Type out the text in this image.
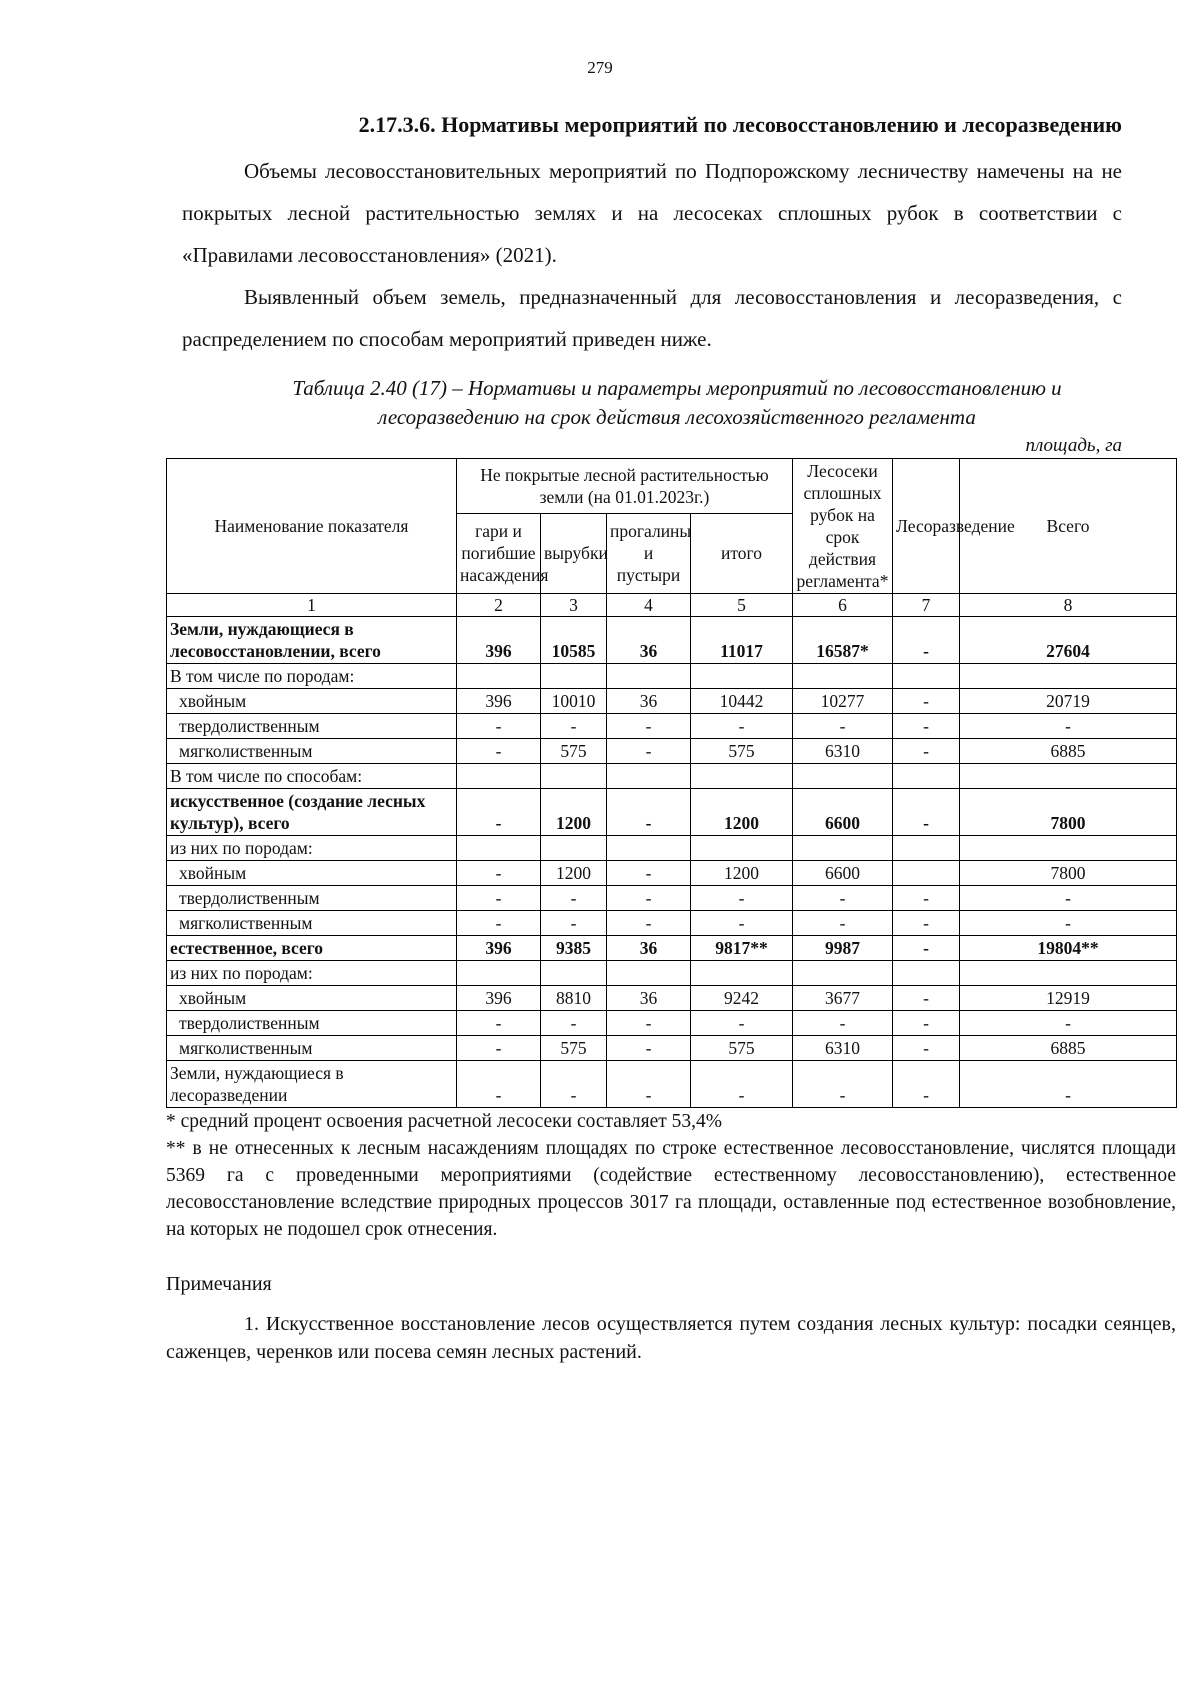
279
2.17.3.6. Нормативы мероприятий по лесовосстановлению и лесоразведению

Объемы лесовосстановительных мероприятий по Подпорожскому лесничеству намечены на не покрытых лесной растительностью землях и на лесосеках сплошных рубок в соответствии с «Правилами лесовосстановления» (2021).

Выявленный объем земель, предназначенный для лесовосстановления и лесоразведения, с распределением по способам мероприятий приведен ниже.

Таблица 2.40 (17) – Нормативы и параметры мероприятий по лесовосстановлению и лесоразведению на срок действия лесохозяйственного регламента
площадь, га
Наименование показателя	Не покрытые лесной растительностью земли (на 01.01.2023г.)				Лесосеки сплошных рубок на срок действия регламента*	Лесоразведение	Всего
	гари и погибшие насаждения	вырубки	прогалины и пустыри	итого			
1	2	3	4	5	6	7	8
Земли, нуждающиеся в лесовосстановлении, всего	396	10585	36	11017	16587*	-	27604
В том числе по породам:							
хвойным	396	10010	36	10442	10277	-	20719
твердолиственным	-	-	-	-	-	-	-
мягколиственным	-	575	-	575	6310	-	6885
В том числе по способам:							
искусственное (создание лесных культур), всего	-	1200	-	1200	6600	-	7800
из них по породам:							
хвойным	-	1200	-	1200	6600		7800
твердолиственным	-	-	-	-	-	-	-
мягколиственным	-	-	-	-	-	-	-
естественное, всего	396	9385	36	9817**	9987	-	19804**
из них по породам:							
хвойным	396	8810	36	9242	3677	-	12919
твердолиственным	-	-	-	-	-	-	-
мягколиственным	-	575	-	575	6310	-	6885
Земли, нуждающиеся в лесоразведении	-	-	-	-	-	-	-

* средний процент освоения расчетной лесосеки составляет 53,4%

** в не отнесенных к лесным насаждениям площадях по строке естественное лесовосстановление, числятся площади 5369 га с проведенными мероприятиями (содействие естественному лесовосстановлению), естественное лесовосстановление вследствие природных процессов 3017 га площади, оставленные под естественное возобновление, на которых не подошел срок отнесения.

Примечания

1. Искусственное восстановление лесов осуществляется путем создания лесных культур: посадки сеянцев, саженцев, черенков или посева семян лесных растений.
